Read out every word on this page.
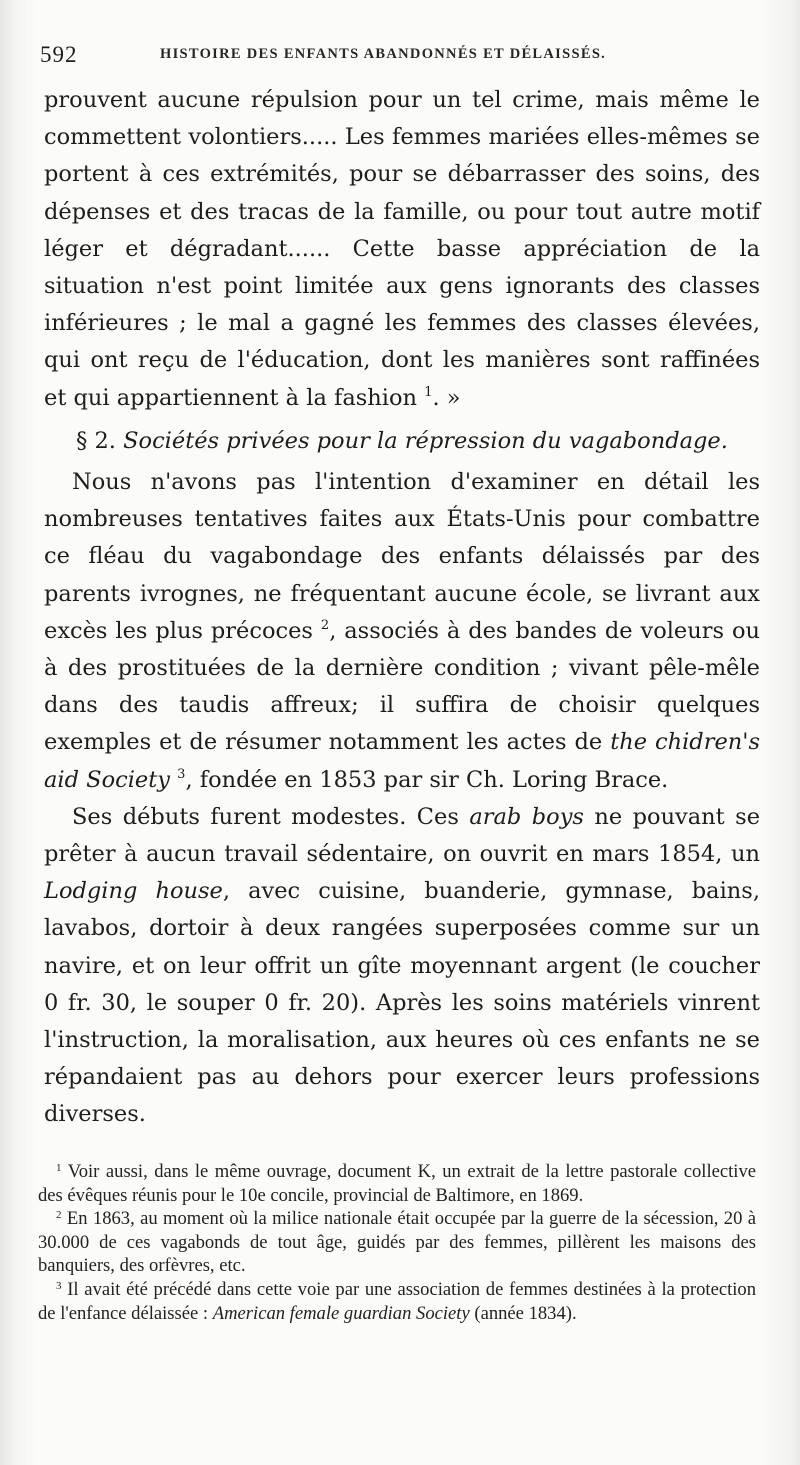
592	HISTOIRE DES ENFANTS ABANDONNÉS ET DÉLAISSÉS.

prouvent aucune répulsion pour un tel crime, mais même le commettent volontiers..... Les femmes mariées elles-mêmes se portent à ces extrémités, pour se débarrasser des soins, des dépenses et des tracas de la famille, ou pour tout autre motif léger et dégradant...... Cette basse appréciation de la situation n'est point limitée aux gens ignorants des classes inférieures ; le mal a gagné les femmes des classes élevées, qui ont reçu de l'éducation, dont les manières sont raffinées et qui appartiennent à la fashion $^1$. »

§ 2. Sociétés privées pour la répression du vagabondage.

Nous n'avons pas l'intention d'examiner en détail les nombreuses tentatives faites aux États-Unis pour combattre ce fléau du vagabondage des enfants délaissés par des parents ivrognes, ne fréquentant aucune école, se livrant aux excès les plus précoces $^2$, associés à des bandes de voleurs ou à des prostituées de la dernière condition ; vivant pêle-mêle dans des taudis affreux; il suffira de choisir quelques exemples et de résumer notamment les actes de the chidren's aid Society $^3$, fondée en 1853 par sir Ch. Loring Brace.

Ses débuts furent modestes. Ces arab boys ne pouvant se prêter à aucun travail sédentaire, on ouvrit en mars 1854, un Lodging house, avec cuisine, buanderie, gymnase, bains, lavabos, dortoir à deux rangées superposées comme sur un navire, et on leur offrit un gîte moyennant argent (le coucher 0 fr. 30, le souper 0 fr. 20). Après les soins matériels vinrent l'instruction, la moralisation, aux heures où ces enfants ne se répandaient pas au dehors pour exercer leurs professions diverses.

$^1$ Voir aussi, dans le même ouvrage, document K, un extrait de la lettre pastorale collective des évêques réunis pour le 10e concile, provincial de Baltimore, en 1869.

$^2$ En 1863, au moment où la milice nationale était occupée par la guerre de la sécession, 20 à 30.000 de ces vagabonds de tout âge, guidés par des femmes, pillèrent les maisons des banquiers, des orfèvres, etc.

$^3$ Il avait été précédé dans cette voie par une association de femmes destinées à la protection de l'enfance délaissée : American female guardian Society (année 1834).
